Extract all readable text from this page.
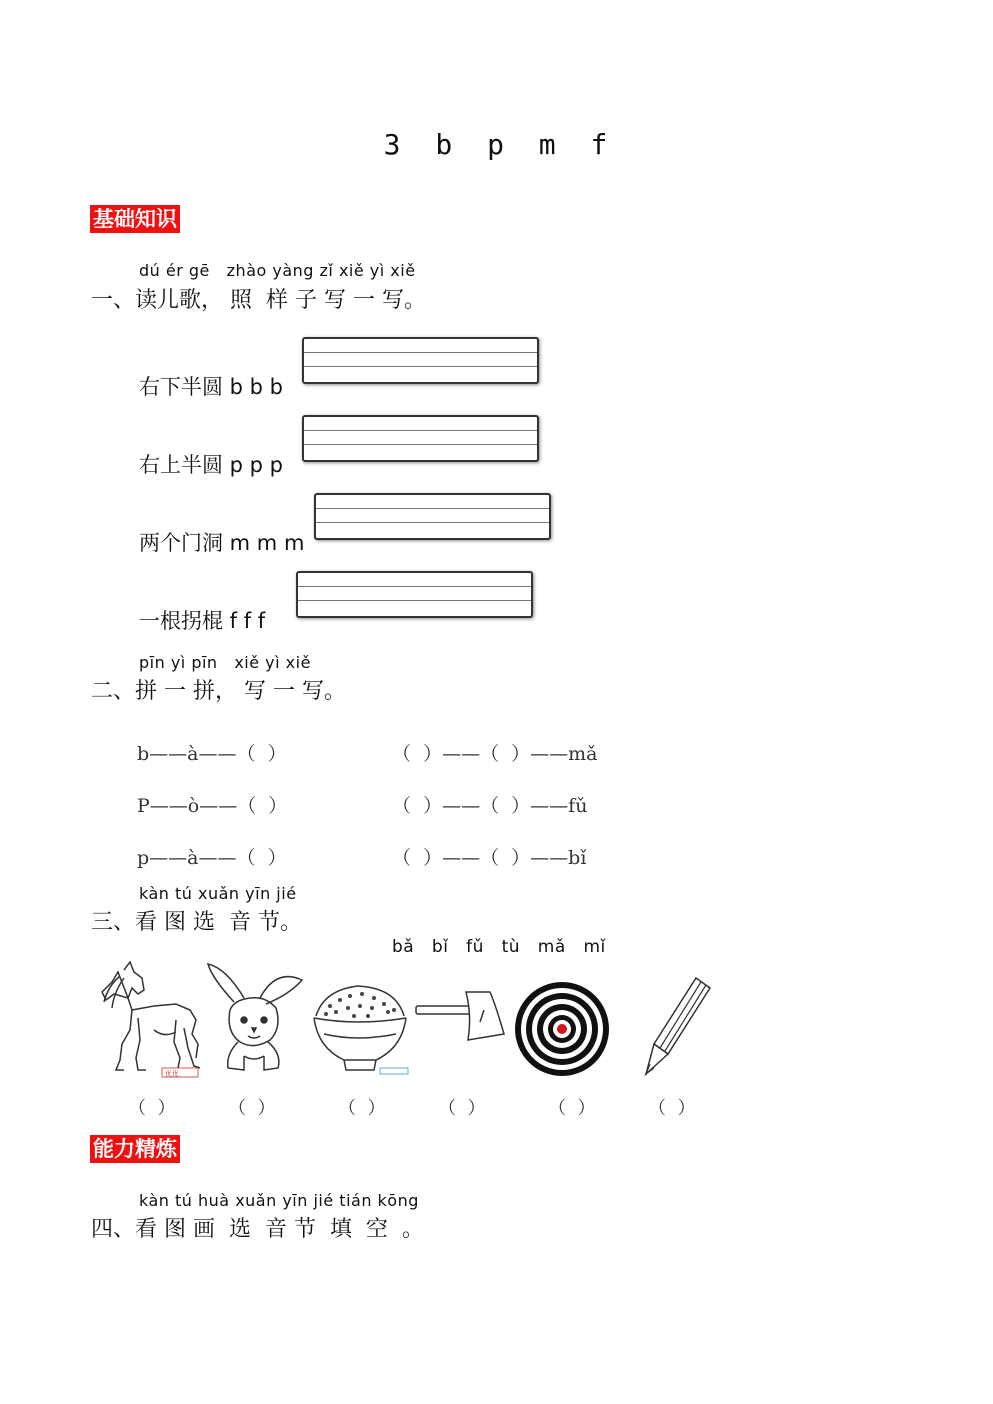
3 b p m f
基础知识
dú ér gē   zhào yàng zǐ xiě yì xiě
一、读儿歌， 照  样 子 写 一 写。
右下半圆 b b b
右上半圆 p p p
两个门洞 m m m
一根拐棍 f f f
pīn yì pīn   xiě yì xiě
二、拼 一 拼， 写 一 写。
b——à——（  ）	（  ）——（  ）——mǎ
P——ò——（  ）	（  ）——（  ）——fǔ
p——à——（  ）	（  ）——（  ）——bǐ
kàn tú xuǎn yīn jié
三、看 图 选  音 节。
bǎ   bǐ   fǔ   tù   mǎ   mǐ
优优
（  ）	（  ）	（  ）	（  ）	（  ）	（  ）
能力精炼
kàn tú huà xuǎn yīn jié tián kōng
四、看 图 画  选  音 节  填  空  。
